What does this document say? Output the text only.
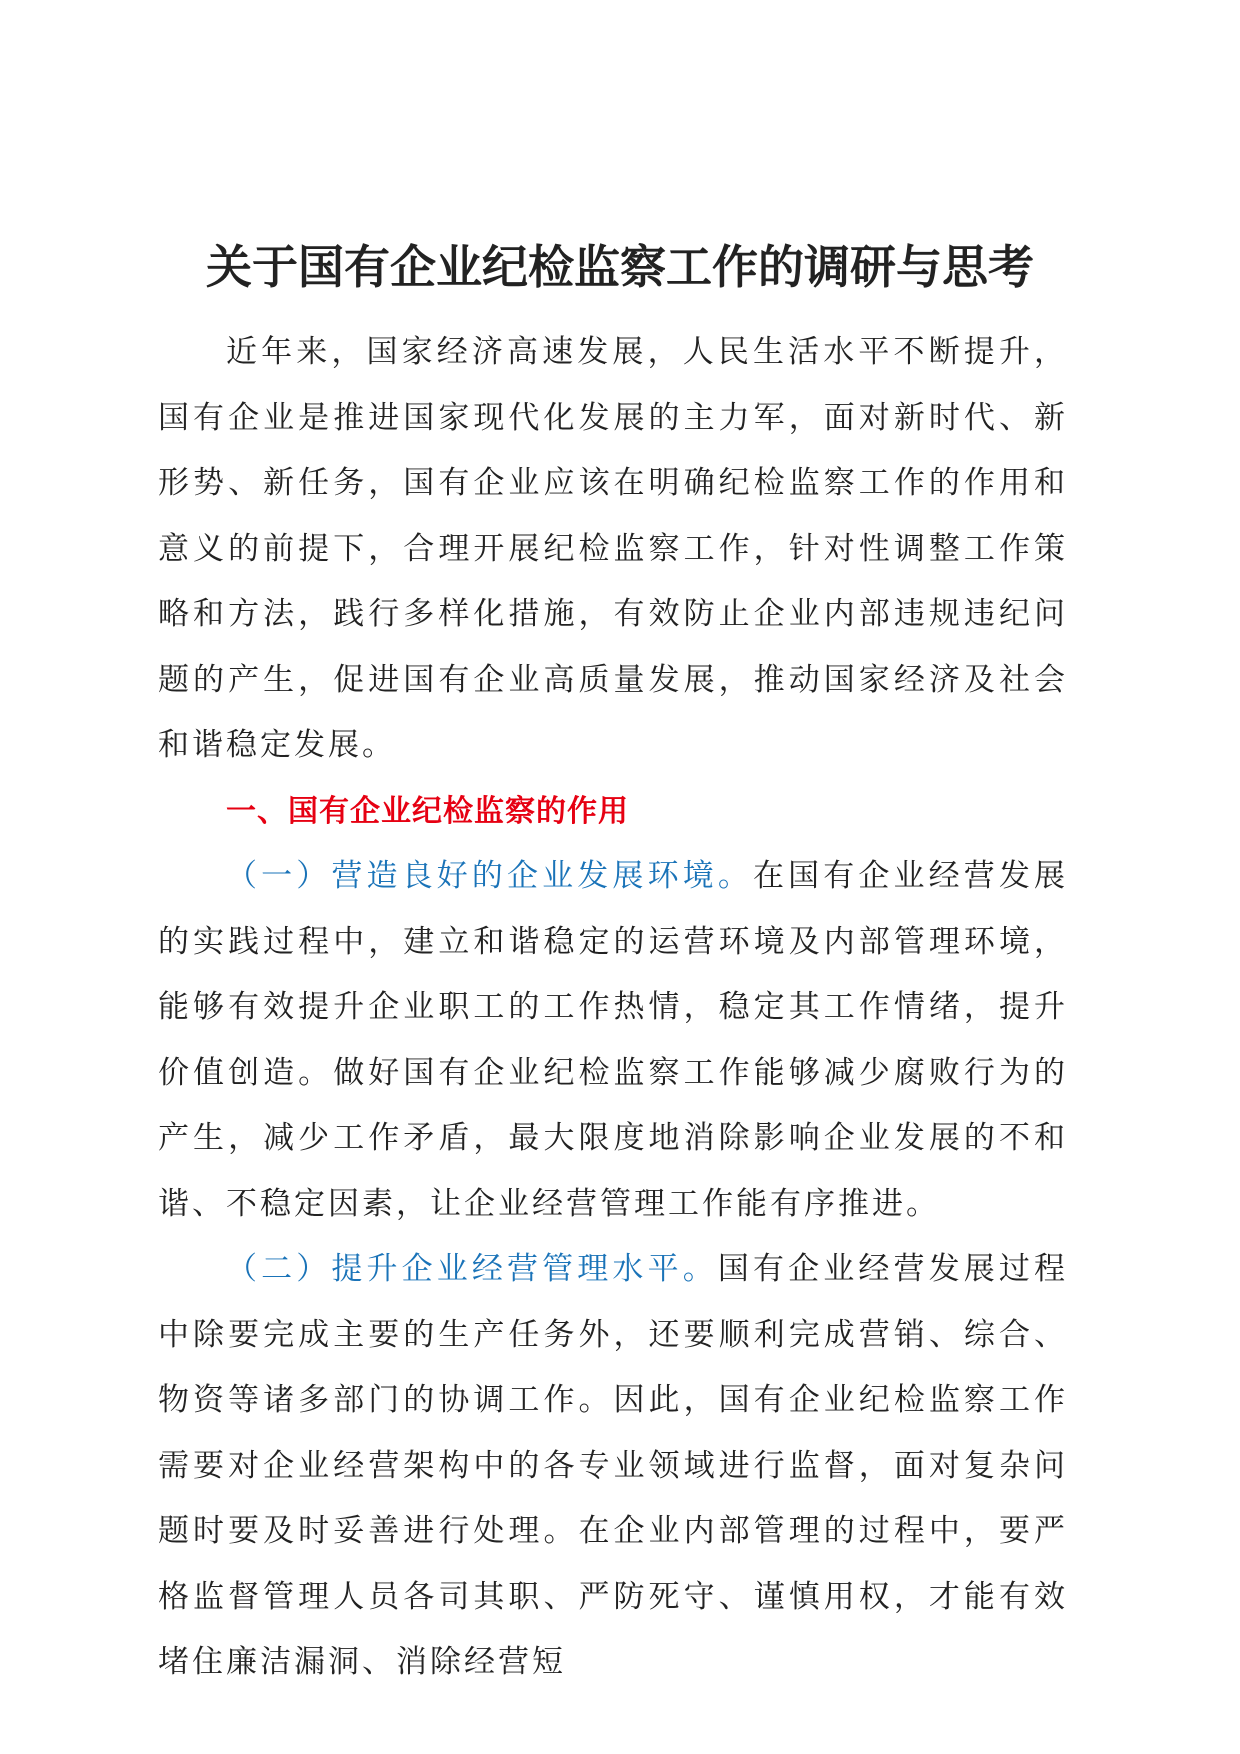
关于国有企业纪检监察工作的调研与思考

近年来，国家经济高速发展，人民生活水平不断提升，国有企业是推进国家现代化发展的主力军，面对新时代、新形势、新任务，国有企业应该在明确纪检监察工作的作用和意义的前提下，合理开展纪检监察工作，针对性调整工作策略和方法，践行多样化措施，有效防止企业内部违规违纪问题的产生，促进国有企业高质量发展，推动国家经济及社会和谐稳定发展。

一、国有企业纪检监察的作用

（一）营造良好的企业发展环境。在国有企业经营发展的实践过程中，建立和谐稳定的运营环境及内部管理环境，能够有效提升企业职工的工作热情，稳定其工作情绪，提升价值创造。做好国有企业纪检监察工作能够减少腐败行为的产生，减少工作矛盾，最大限度地消除影响企业发展的不和谐、不稳定因素，让企业经营管理工作能有序推进。

（二）提升企业经营管理水平。国有企业经营发展过程中除要完成主要的生产任务外，还要顺利完成营销、综合、物资等诸多部门的协调工作。因此，国有企业纪检监察工作需要对企业经营架构中的各专业领域进行监督，面对复杂问题时要及时妥善进行处理。在企业内部管理的过程中，要严格监督管理人员各司其职、严防死守、谨慎用权，才能有效堵住廉洁漏洞、消除经营短
